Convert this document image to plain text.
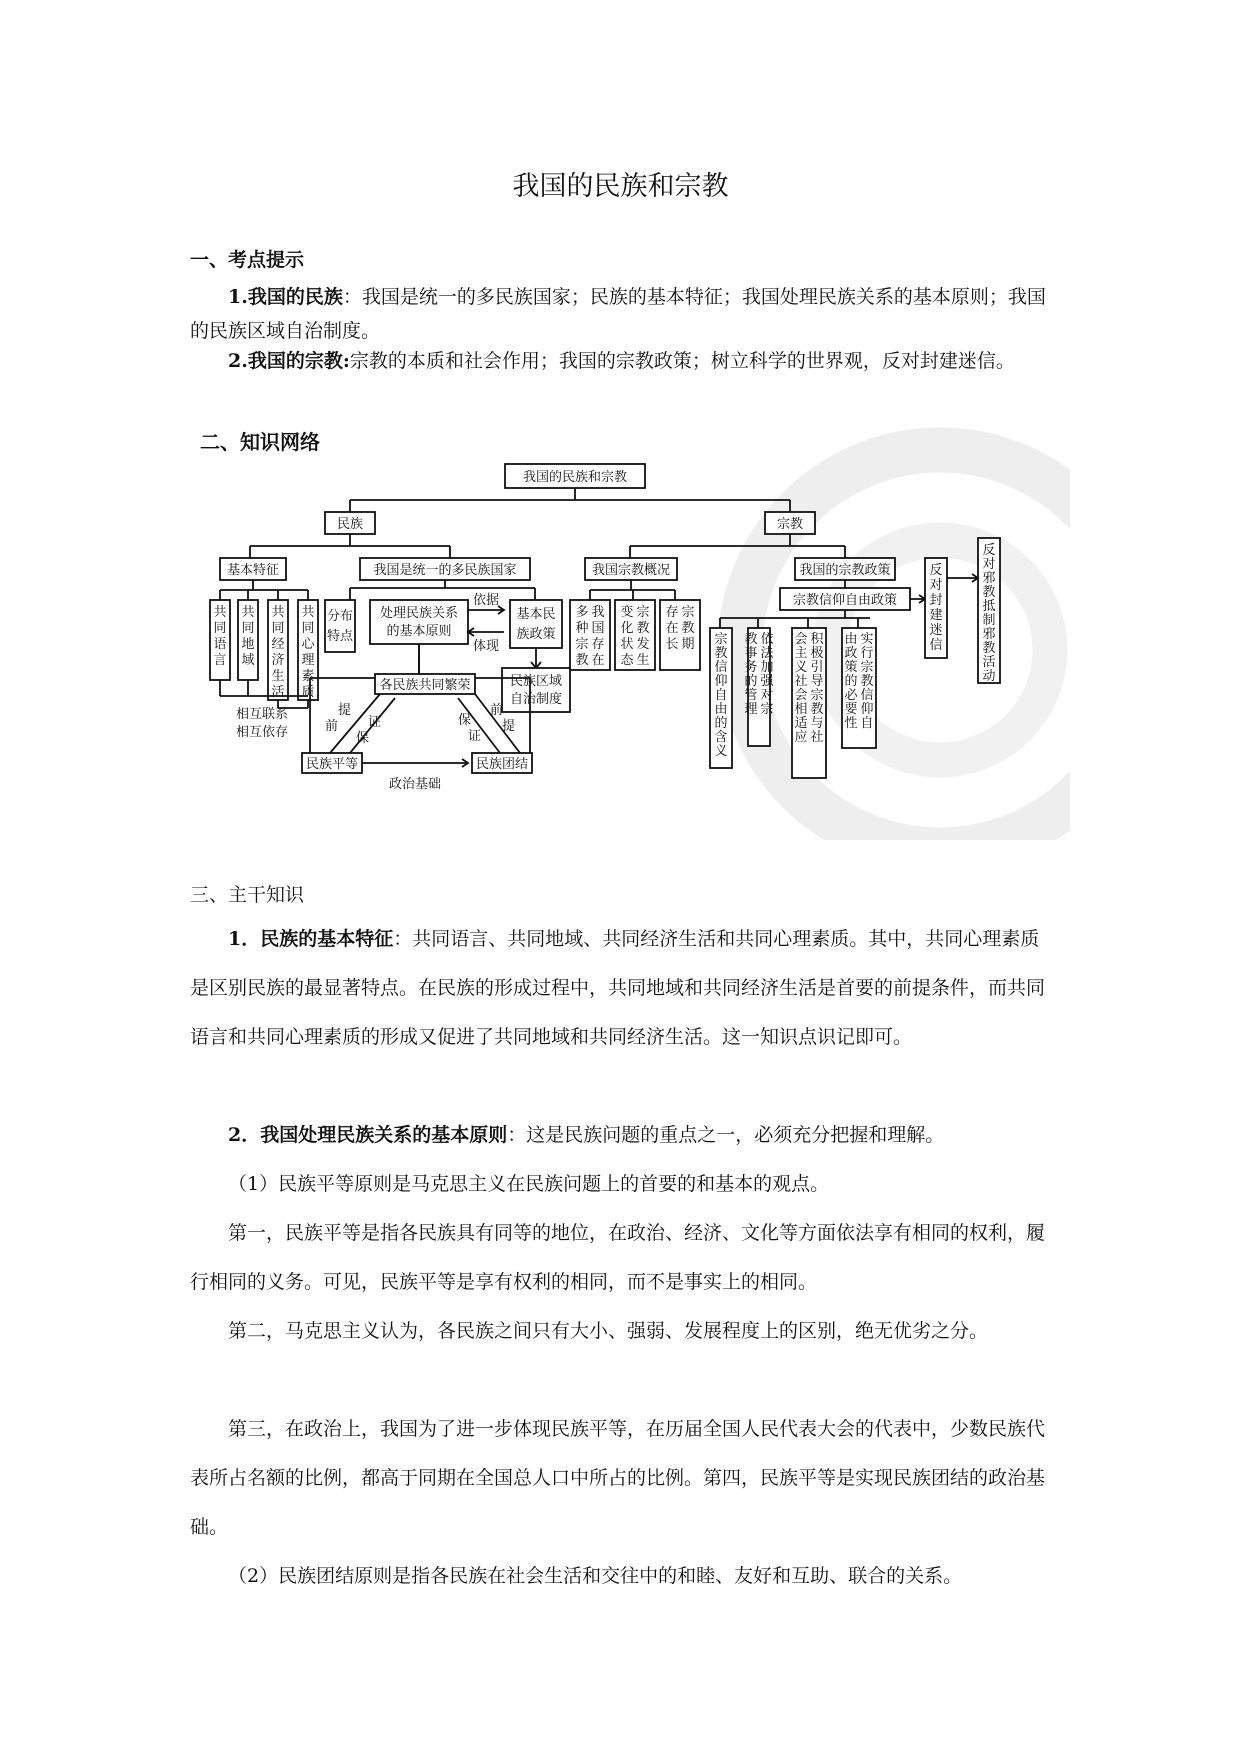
我国的民族和宗教
一、考点提示

1.我国的民族：我国是统一的多民族国家；民族的基本特征；我国处理民族关系的基本原则；我国的民族区域自治制度。

2.我国的宗教:宗教的本质和社会作用；我国的宗教政策；树立科学的世界观，反对封建迷信。

二、知识网络
我国的民族和宗教
民族	宗教
基本特征	我国是统一的多民族国家
共
同
语
言
共
同
地
域
共
同
经
济
生
活
共
同
心
理
素
质
相互联系
相互依存
分布
特点
处理民族关系
的基本原则
基本民
族政策
依据
体现
民族区域
自治制度
各民族共同繁荣
民族平等	民族团结
提
前 证
保
保
证
前
提
政治基础
我国宗教概况	我国的宗教政策
我
国
存
在
多
种
宗
教
宗
教
发
生
变
化
状
态
宗
教
期
存
在
长
宗教信仰自由政策
宗
教
信
仰
自
由
的
含
义
依
法
加
强
对
宗
教
事
务
的
管
理
积
极
引
导
宗
教
与
社
会
主
义
社
会
相
适
应
实
行
宗
教
信
仰
自
由
政
策
的
必
要
性
反
对
封
建
迷
信
反
对
邪
教
抵
制
邪
教
活
动
三、主干知识

1．民族的基本特征：共同语言、共同地域、共同经济生活和共同心理素质。其中，共同心理素质是区别民族的最显著特点。在民族的形成过程中，共同地域和共同经济生活是首要的前提条件，而共同语言和共同心理素质的形成又促进了共同地域和共同经济生活。这一知识点识记即可。

2．我国处理民族关系的基本原则：这是民族问题的重点之一，必须充分把握和理解。

（1）民族平等原则是马克思主义在民族问题上的首要的和基本的观点。

第一，民族平等是指各民族具有同等的地位，在政治、经济、文化等方面依法享有相同的权利，履行相同的义务。可见，民族平等是享有权利的相同，而不是事实上的相同。

第二，马克思主义认为，各民族之间只有大小、强弱、发展程度上的区别，绝无优劣之分。

第三，在政治上，我国为了进一步体现民族平等，在历届全国人民代表大会的代表中，少数民族代表所占名额的比例，都高于同期在全国总人口中所占的比例。第四，民族平等是实现民族团结的政治基础。

（2）民族团结原则是指各民族在社会生活和交往中的和睦、友好和互助、联合的关系。
